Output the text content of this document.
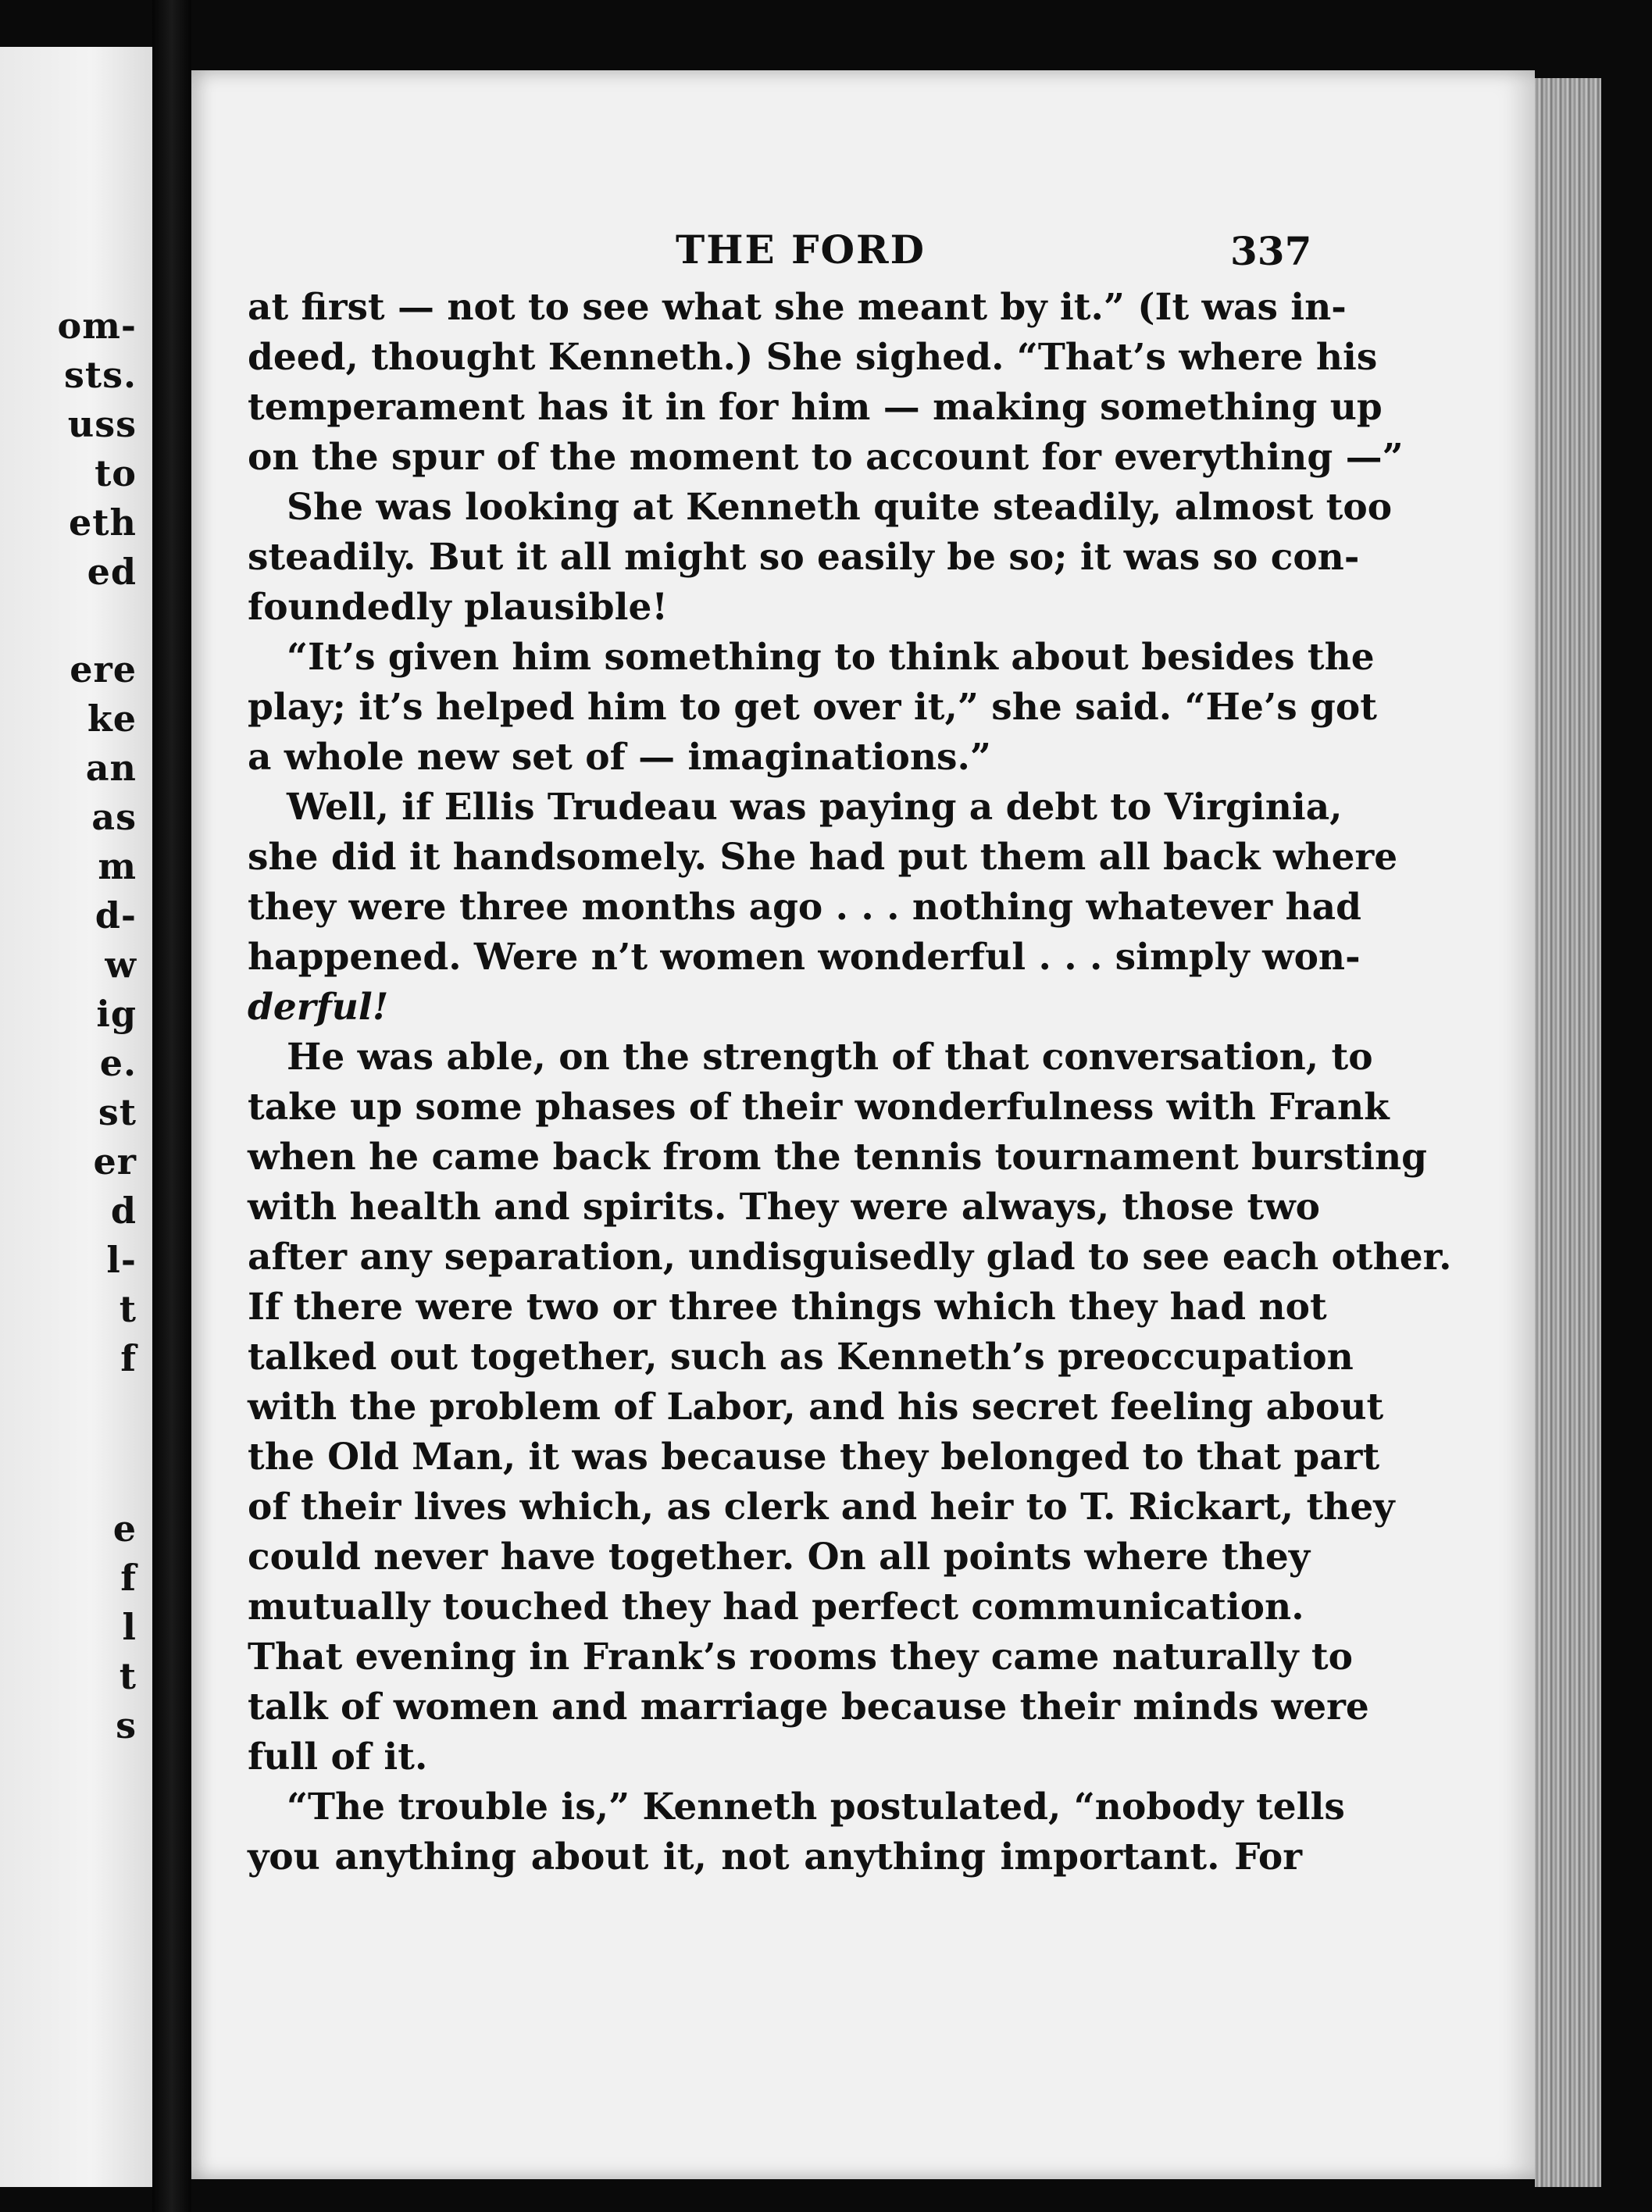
om-
sts.
uss
to
eth
ed
ere
ke
an
as
m
d-
w
ig
e.
st
er
d
l-
t
f
e
f
l
t
s
THE FORD	337
at first — not to see what she meant by it.” (It was in-
deed, thought Kenneth.) She sighed. “That’s where his
temperament has it in for him — making something up
on the spur of the moment to account for everything —”
She was looking at Kenneth quite steadily, almost too
steadily. But it all might so easily be so; it was so con-
foundedly plausible!
“It’s given him something to think about besides the
play; it’s helped him to get over it,” she said. “He’s got
a whole new set of — imaginations.”
Well, if Ellis Trudeau was paying a debt to Virginia,
she did it handsomely. She had put them all back where
they were three months ago . . . nothing whatever had
happened. Were n’t women wonderful . . . simply won-
derful!
He was able, on the strength of that conversation, to
take up some phases of their wonderfulness with Frank
when he came back from the tennis tournament bursting
with health and spirits. They were always, those two
after any separation, undisguisedly glad to see each other.
If there were two or three things which they had not
talked out together, such as Kenneth’s preoccupation
with the problem of Labor, and his secret feeling about
the Old Man, it was because they belonged to that part
of their lives which, as clerk and heir to T. Rickart, they
could never have together. On all points where they
mutually touched they had perfect communication.
That evening in Frank’s rooms they came naturally to
talk of women and marriage because their minds were
full of it.
“The trouble is,” Kenneth postulated, “nobody tells
you anything about it, not anything important. For
